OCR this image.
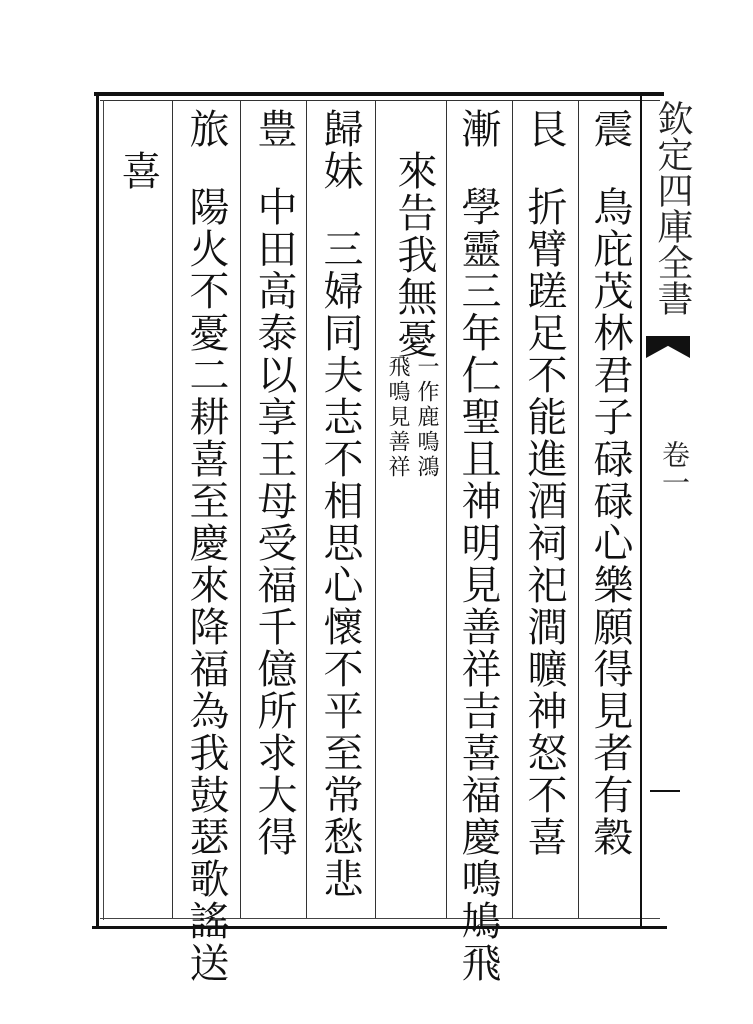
欽定四庫全書
卷一
震鳥庇茂林君子碌碌心樂願得見者有穀
艮折臂蹉足不能進酒祠祀澗曠神怒不喜
漸學靈三年仁聖且神明見善祥吉喜福慶鳴鳩飛
來告我無憂
一作鹿鳴鴻
飛鳴見善祥
歸妹三婦同夫志不相思心懷不平至常愁悲
豊中田高泰以享王母受福千億所求大得
旅陽火不憂二耕喜至慶來降福為我鼓瑟歌謠送
喜
